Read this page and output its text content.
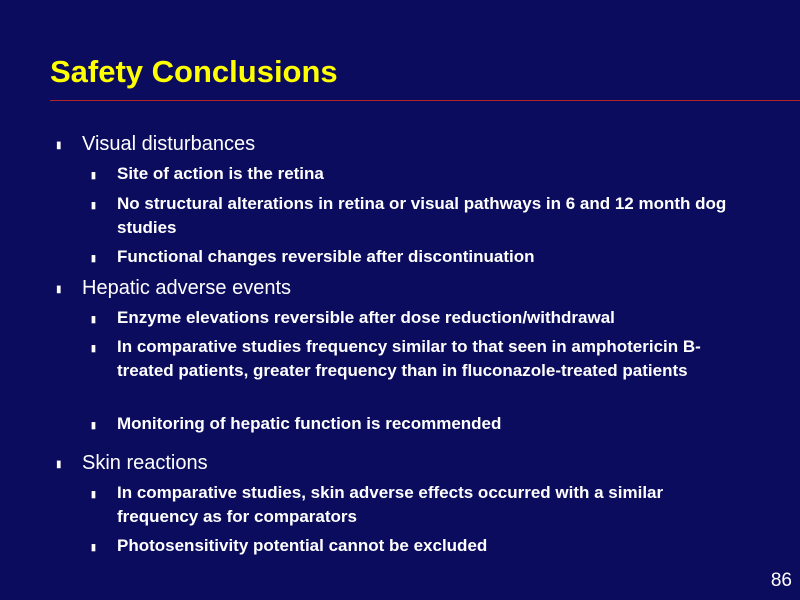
Safety Conclusions
▮ Visual disturbances
▮ Site of action is the retina
▮ No structural alterations in retina or visual pathways in 6 and 12 month dog studies
▮ Functional changes reversible after discontinuation
▮ Hepatic adverse events
▮ Enzyme elevations reversible after dose reduction/withdrawal
▮ In comparative studies frequency similar to that seen in amphotericin B-treated patients, greater frequency than in fluconazole-treated patients
▮ Monitoring of hepatic function is recommended
▮ Skin reactions
▮ In comparative studies, skin adverse effects occurred with a similar frequency as for comparators
▮ Photosensitivity potential cannot be excluded
86
